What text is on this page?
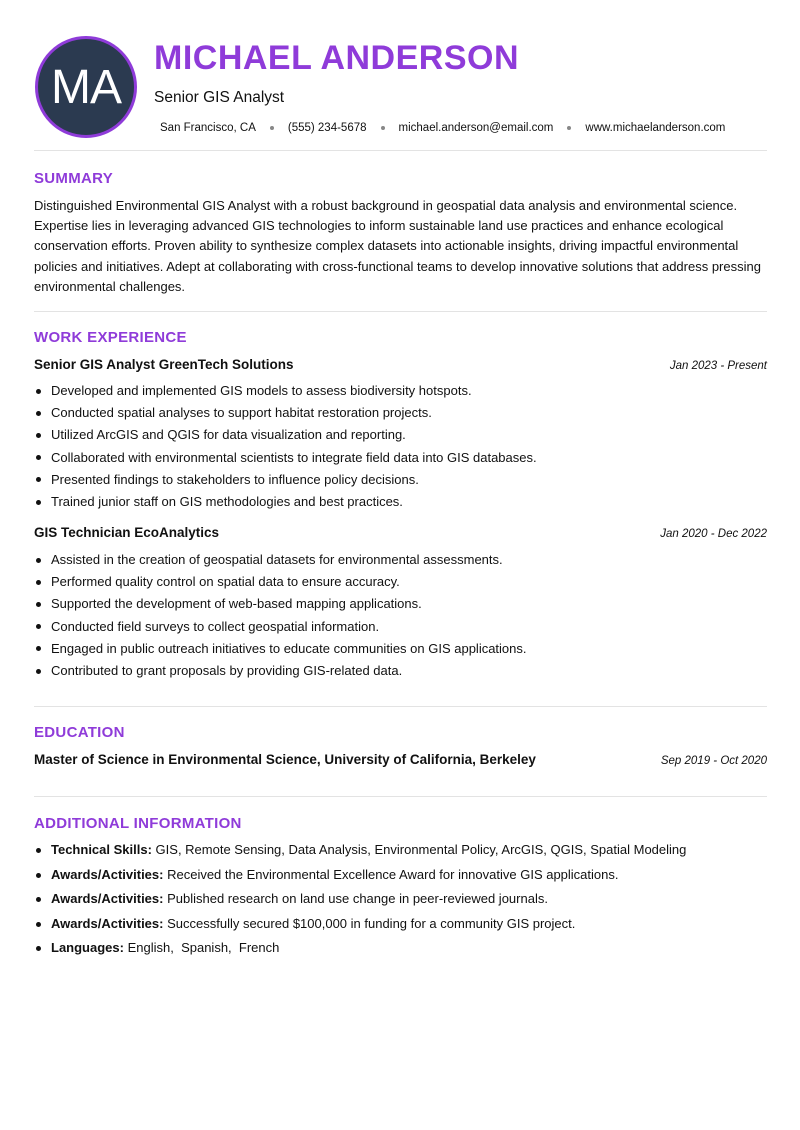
MA
MICHAEL ANDERSON
Senior GIS Analyst
San Francisco, CA	(555) 234-5678	michael.anderson@email.com	www.michaelanderson.com
SUMMARY

Distinguished Environmental GIS Analyst with a robust background in geospatial data analysis and environmental science. Expertise lies in leveraging advanced GIS technologies to inform sustainable land use practices and enhance ecological conservation efforts. Proven ability to synthesize complex datasets into actionable insights, driving impactful environmental policies and initiatives. Adept at collaborating with cross-functional teams to develop innovative solutions that address pressing environmental challenges.

WORK EXPERIENCE
Senior GIS Analyst GreenTech Solutions	Jan 2023 - Present
Developed and implemented GIS models to assess biodiversity hotspots.
Conducted spatial analyses to support habitat restoration projects.
Utilized ArcGIS and QGIS for data visualization and reporting.
Collaborated with environmental scientists to integrate field data into GIS databases.
Presented findings to stakeholders to influence policy decisions.
Trained junior staff on GIS methodologies and best practices.
GIS Technician EcoAnalytics	Jan 2020 - Dec 2022
Assisted in the creation of geospatial datasets for environmental assessments.
Performed quality control on spatial data to ensure accuracy.
Supported the development of web-based mapping applications.
Conducted field surveys to collect geospatial information.
Engaged in public outreach initiatives to educate communities on GIS applications.
Contributed to grant proposals by providing GIS-related data.
EDUCATION
Master of Science in Environmental Science, University of California, Berkeley	Sep 2019 - Oct 2020
ADDITIONAL INFORMATION
Technical Skills: GIS, Remote Sensing, Data Analysis, Environmental Policy, ArcGIS, QGIS, Spatial Modeling
Awards/Activities: Received the Environmental Excellence Award for innovative GIS applications.
Awards/Activities: Published research on land use change in peer-reviewed journals.
Awards/Activities: Successfully secured $100,000 in funding for a community GIS project.
Languages: English,  Spanish,  French
